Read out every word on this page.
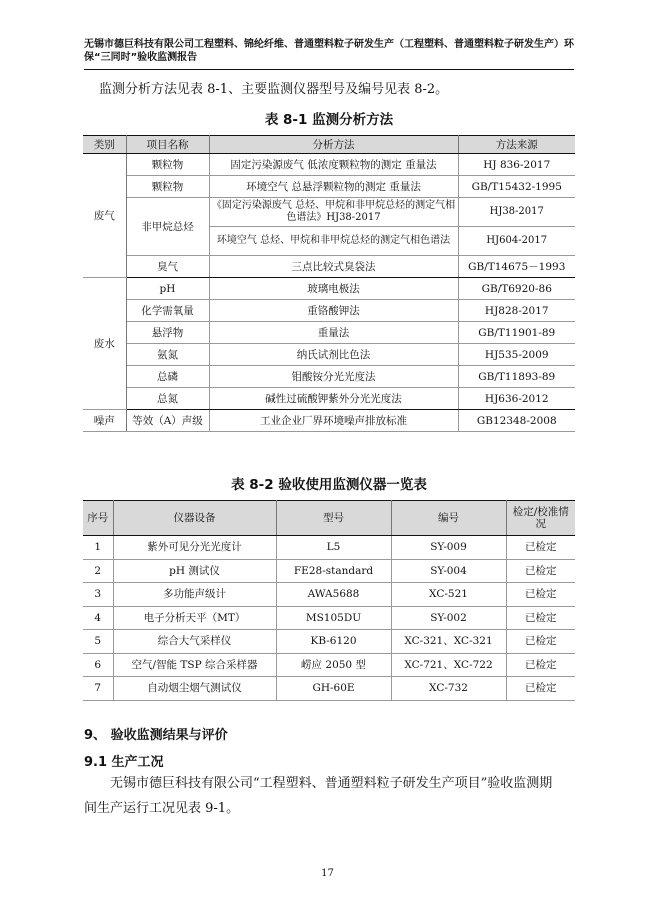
无锡市德巨科技有限公司工程塑料、锦纶纤维、普通塑料粒子研发生产（工程塑料、普通塑料粒子研发生产）环保“三同时”验收监测报告
监测分析方法见表 8-1、主要监测仪器型号及编号见表 8-2。
表 8-1 监测分析方法
类别	项目名称	分析方法	方法来源
废气	颗粒物	固定污染源废气 低浓度颗粒物的测定 重量法	HJ 836-2017
	颗粒物	环境空气 总悬浮颗粒物的测定 重量法	GB/T15432-1995
	非甲烷总烃	《固定污染源废气 总烃、甲烷和非甲烷总烃的测定气相色谱法》HJ38-2017	HJ38-2017
		环境空气 总烃、甲烷和非甲烷总烃的测定气相色谱法	HJ604-2017
	臭气	三点比较式臭袋法	GB/T14675－1993
废水	pH	玻璃电极法	GB/T6920-86
	化学需氧量	重铬酸钾法	HJ828-2017
	悬浮物	重量法	GB/T11901-89
	氨氮	纳氏试剂比色法	HJ535-2009
	总磷	钼酸铵分光光度法	GB/T11893-89
	总氮	碱性过硫酸钾紫外分光光度法	HJ636-2012
噪声	等效（A）声级	工业企业厂界环境噪声排放标准	GB12348-2008
表 8-2 验收使用监测仪器一览表
序号	仪器设备	型号	编号	检定/校准情况
1	紫外可见分光光度计	L5	SY-009	已检定
2	pH 测试仪	FE28-standard	SY-004	已检定
3	多功能声级计	AWA5688	XC-521	已检定
4	电子分析天平（MT）	MS105DU	SY-002	已检定
5	综合大气采样仪	KB-6120	XC-321、XC-321	已检定
6	空气/智能 TSP 综合采样器	崂应 2050 型	XC-721、XC-722	已检定
7	自动烟尘烟气测试仪	GH-60E	XC-732	已检定
9、 验收监测结果与评价
9.1 生产工况
无锡市德巨科技有限公司“工程塑料、普通塑料粒子研发生产项目”验收监测期
间生产运行工况见表 9-1。
17
